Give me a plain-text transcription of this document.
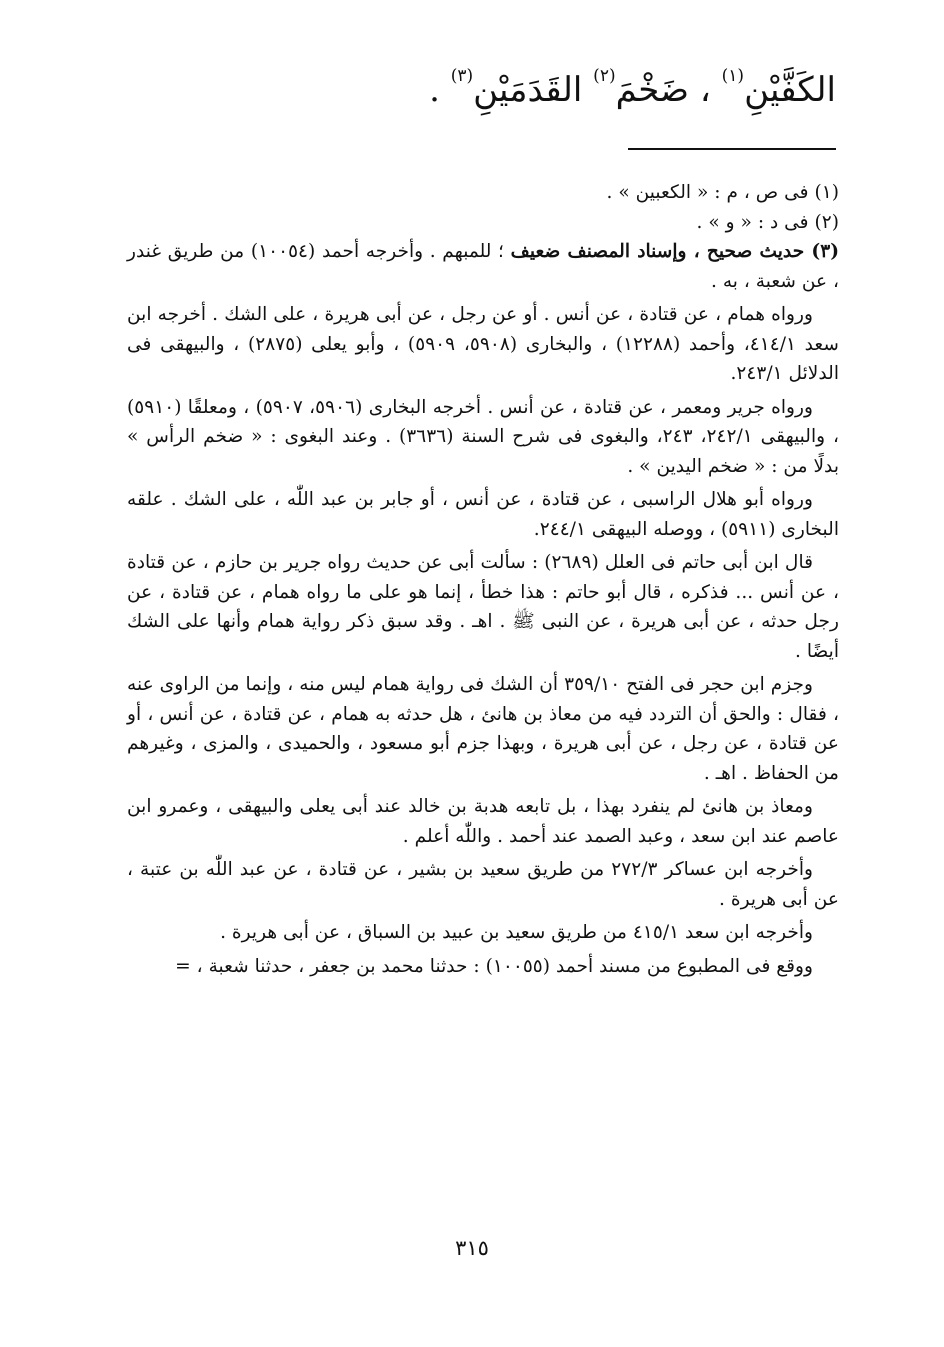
الكَفَّيْنِ$^{(١)}$ ، ضَخْمَ$^{(٢)}$ القَدَمَيْنِ$^{(٣)}$ .

(١) فى ص ، م : « الكعبين » .

(٢) فى د : « و » .

(٣) حديث صحيح ، وإسناد المصنف ضعيف ؛ للمبهم . وأخرجه أحمد (١٠٠٥٤) من طريق غندر ، عن شعبة ، به .

ورواه همام ، عن قتادة ، عن أنس . أو عن رجل ، عن أبى هريرة ، على الشك . أخرجه ابن سعد ٤١٤/١، وأحمد (١٢٢٨٨) ، والبخارى (٥٩٠٨، ٥٩٠٩) ، وأبو يعلى (٢٨٧٥) ، والبيهقى فى الدلائل ٢٤٣/١.

ورواه جرير ومعمر ، عن قتادة ، عن أنس . أخرجه البخارى (٥٩٠٦، ٥٩٠٧) ، ومعلقًا (٥٩١٠) ، والبيهقى ٢٤٢/١، ٢٤٣، والبغوى فى شرح السنة (٣٦٣٦) . وعند البغوى : « ضخم الرأس » بدلًا من : « ضخم اليدين » .

ورواه أبو هلال الراسبى ، عن قتادة ، عن أنس ، أو جابر بن عبد اللّٰه ، على الشك . علقه البخارى (٥٩١١) ، ووصله البيهقى ٢٤٤/١.

قال ابن أبى حاتم فى العلل (٢٦٨٩) : سألت أبى عن حديث رواه جرير بن حازم ، عن قتادة ، عن أنس ... فذكره ، قال أبو حاتم : هذا خطأ ، إنما هو على ما رواه همام ، عن قتادة ، عن رجل حدثه ، عن أبى هريرة ، عن النبى ﷺ . اهـ . وقد سبق ذكر رواية همام وأنها على الشك أيضًا .

وجزم ابن حجر فى الفتح ٣٥٩/١٠ أن الشك فى رواية همام ليس منه ، وإنما من الراوى عنه ، فقال : والحق أن التردد فيه من معاذ بن هانئ ، هل حدثه به همام ، عن قتادة ، عن أنس ، أو عن قتادة ، عن رجل ، عن أبى هريرة ، وبهذا جزم أبو مسعود ، والحميدى ، والمزى ، وغيرهم من الحفاظ . اهـ .

ومعاذ بن هانئ لم ينفرد بهذا ، بل تابعه هدبة بن خالد عند أبى يعلى والبيهقى ، وعمرو ابن عاصم عند ابن سعد ، وعبد الصمد عند أحمد . واللّٰه أعلم .

وأخرجه ابن عساكر ٢٧٢/٣ من طريق سعيد بن بشير ، عن قتادة ، عن عبد اللّٰه بن عتبة ، عن أبى هريرة .

وأخرجه ابن سعد ٤١٥/١ من طريق سعيد بن عبيد بن السباق ، عن أبى هريرة .

ووقع فى المطبوع من مسند أحمد (١٠٠٥٥) : حدثنا محمد بن جعفر ، حدثنا شعبة ، =

٣١٥
